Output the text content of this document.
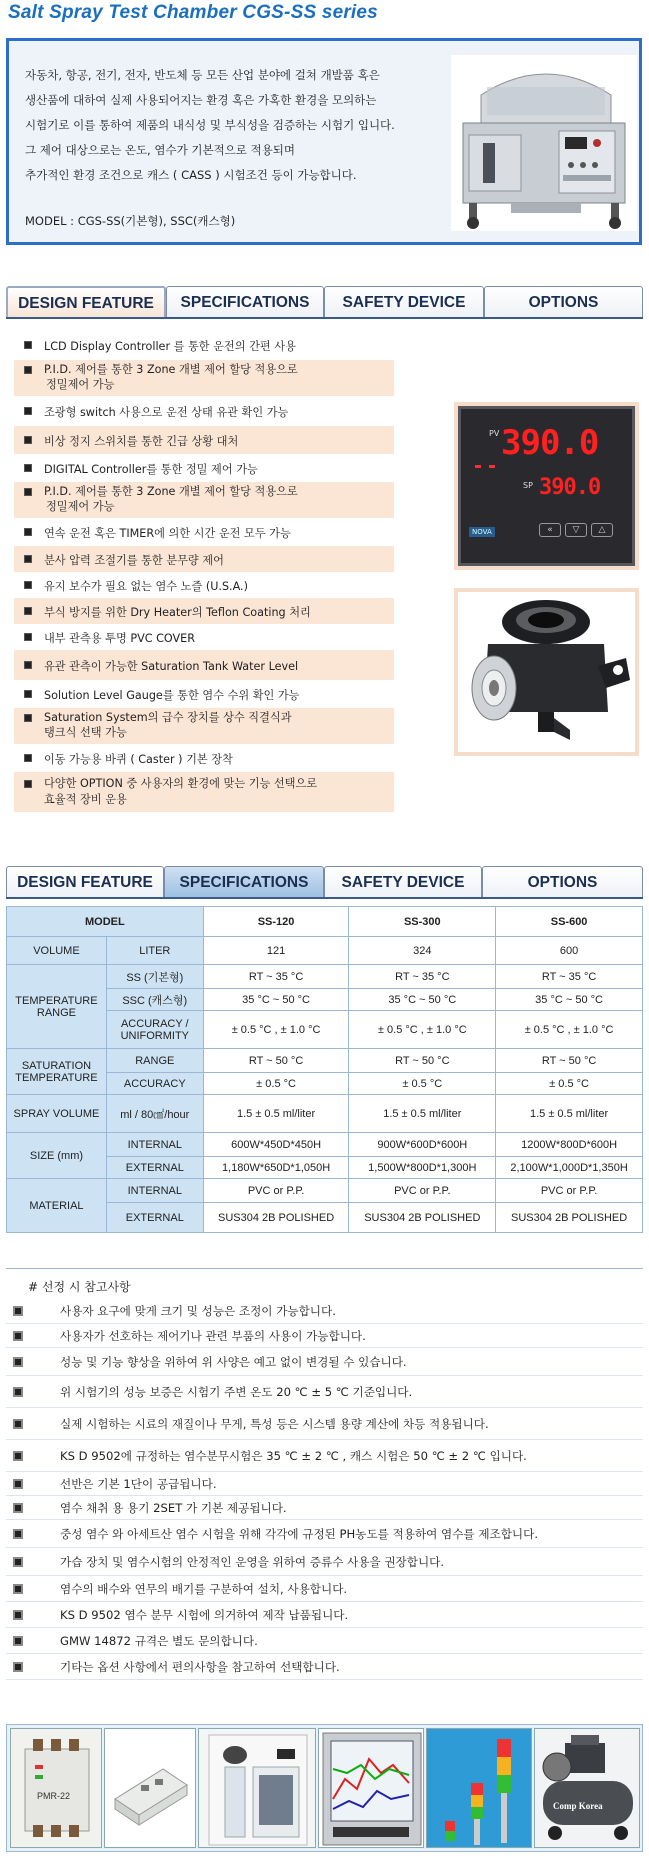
Salt Spray Test Chamber CGS-SS series
자동차, 항공, 전기, 전자, 반도체 등 모든 산업 분야에 걸쳐 개발품 혹은
생산품에 대하여 실제 사용되어지는 환경 혹은 가혹한 환경을 모의하는
시험기로 이를 통하여 제품의 내식성 및 부식성을 검증하는 시험기 입니다.
그 제어 대상으로는 온도, 염수가 기본적으로 적용되며
추가적인 환경 조건으로 캐스 ( CASS ) 시험조건 등이 가능합니다.
MODEL : CGS-SS(기본형), SSC(캐스형)
DESIGN FEATURE	SPECIFICATIONS	SAFETY DEVICE	OPTIONS
LCD Display Controller 를 통한 운전의 간편 사용
P.I.D. 제어를 통한 3 Zone 개별 제어 할당 적용으로
정밀제어 가능
조광형 switch 사용으로 운전 상태 유관 확인 가능
비상 정지 스위치를 통한 긴급 상황 대처
DIGITAL Controller를 통한 정밀 제어 가능
P.I.D. 제어를 통한 3 Zone 개별 제어 할당 적용으로
정밀제어 가능
연속 운전 혹은 TIMER에 의한 시간 운전 모두 가능
분사 압력 조절기를 통한 분무량 제어
유지 보수가 필요 없는 염수 노즐 (U.S.A.)
부식 방지를 위한 Dry Heater의 Teflon Coating 처리
내부 관측용 투명 PVC COVER
유관 관측이 가능한 Saturation Tank Water Level
Solution Level Gauge를 통한 염수 수위 확인 가능
Saturation System의 급수 장치를 상수 직결식과
탱크식 선택 가능
이동 가능용 바퀴 ( Caster ) 기본 장착
다양한 OPTION 중 사용자의 환경에 맞는 기능 선택으로
효율적 장비 운용
PV 390.0
SP 390.0
NOVA	«	▽	△
DESIGN FEATURE	SPECIFICATIONS	SAFETY DEVICE	OPTIONS
MODEL		SS-120	SS-300	SS-600
VOLUME	LITER	121	324	600
TEMPERATURE RANGE	SS (기본형)	RT ~ 35 °C	RT ~ 35 °C	RT ~ 35 °C
	SSC (캐스형)	35 °C ~ 50 °C	35 °C ~ 50 °C	35 °C ~ 50 °C
	ACCURACY / UNIFORMITY	± 0.5 °C , ± 1.0 °C	± 0.5 °C , ± 1.0 °C	± 0.5 °C , ± 1.0 °C
SATURATION TEMPERATURE	RANGE	RT ~ 50 °C	RT ~ 50 °C	RT ~ 50 °C
	ACCURACY	± 0.5 °C	± 0.5 °C	± 0.5 °C
SPRAY VOLUME	ml / 80㎠/hour	1.5 ± 0.5 ml/liter	1.5 ± 0.5 ml/liter	1.5 ± 0.5 ml/liter
SIZE (mm)	INTERNAL	600W*450D*450H	900W*600D*600H	1200W*800D*600H
	EXTERNAL	1,180W*650D*1,050H	1,500W*800D*1,300H	2,100W*1,000D*1,350H
MATERIAL	INTERNAL	PVC or P.P.	PVC or P.P.	PVC or P.P.
	EXTERNAL	SUS304 2B POLISHED	SUS304 2B POLISHED	SUS304 2B POLISHED
# 선정 시 참고사항
사용자 요구에 맞게 크기 및 성능은 조정이 가능합니다.
사용자가 선호하는 제어기나 관련 부품의 사용이 가능합니다.
성능 및 기능 향상을 위하여 위 사양은 예고 없이 변경될 수 있습니다.
위 시험기의 성능 보증은 시험기 주변 온도 20 ℃ ± 5 ℃ 기준입니다.
실제 시험하는 시료의 재질이나 무게, 특성 등은 시스템 용량 계산에 차등 적용됩니다.
KS D 9502에 규정하는 염수분무시험은 35 ℃ ± 2 ℃ , 캐스 시험은 50 ℃ ± 2 ℃ 입니다.
선반은 기본 1단이 공급됩니다.
염수 채취 용 용기 2SET 가 기본 제공됩니다.
중성 염수 와 아세트산 염수 시험을 위해 각각에 규정된 PH농도를 적용하여 염수를 제조합니다.
가습 장치 및 염수시험의 안정적인 운영을 위하여 증류수 사용을 권장합니다.
염수의 배수와 연무의 배기를 구분하여 설치, 사용합니다.
KS D 9502 염수 분무 시험에 의거하여 제작 납품됩니다.
GMW 14872 규격은 별도 문의합니다.
기타는 옵션 사항에서 편의사항을 참고하여 선택합니다.
PMR-22
Comp Korea
